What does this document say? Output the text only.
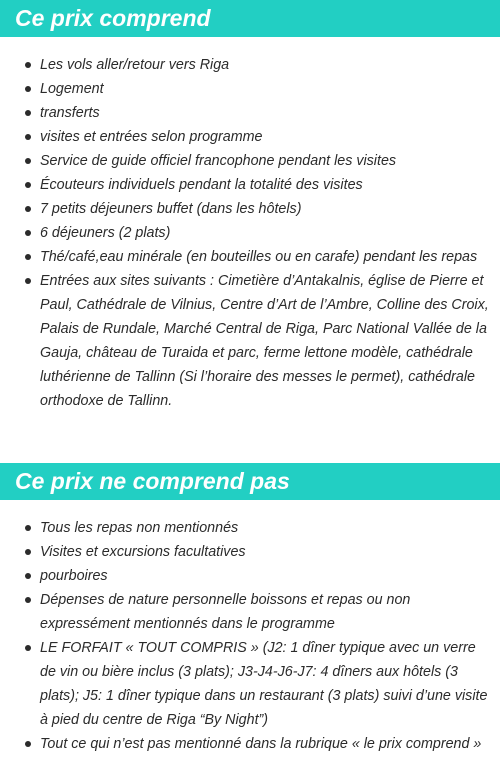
Ce prix comprend
Les vols aller/retour vers Riga
Logement
transferts
visites et entrées selon programme
Service de guide officiel francophone pendant les visites
Écouteurs individuels pendant la totalité des visites
7 petits déjeuners buffet (dans les hôtels)
6 déjeuners (2 plats)
Thé/café,eau minérale (en bouteilles ou en carafe) pendant les repas
Entrées aux sites suivants : Cimetière d’Antakalnis, église de Pierre et Paul, Cathédrale de Vilnius, Centre d’Art de l’Ambre, Colline des Croix, Palais de Rundale, Marché Central de Riga, Parc National Vallée de la Gauja, château de Turaida et parc, ferme lettone modèle, cathédrale luthérienne de Tallinn (Si l’horaire des messes le permet), cathédrale orthodoxe de Tallinn.
Ce prix ne comprend pas
Tous les repas non mentionnés
Visites et excursions facultatives
pourboires
Dépenses de nature personnelle boissons et repas ou non expressément mentionnés dans le programme
LE FORFAIT « TOUT COMPRIS » (J2: 1 dîner typique avec un verre de vin ou bière inclus (3 plats); J3-J4-J6-J7: 4 dîners aux hôtels (3 plats); J5: 1 dîner typique dans un restaurant (3 plats) suivi d’une visite à pied du centre de Riga “By Night”)
Tout ce qui n’est pas mentionné dans la rubrique « le prix comprend »
